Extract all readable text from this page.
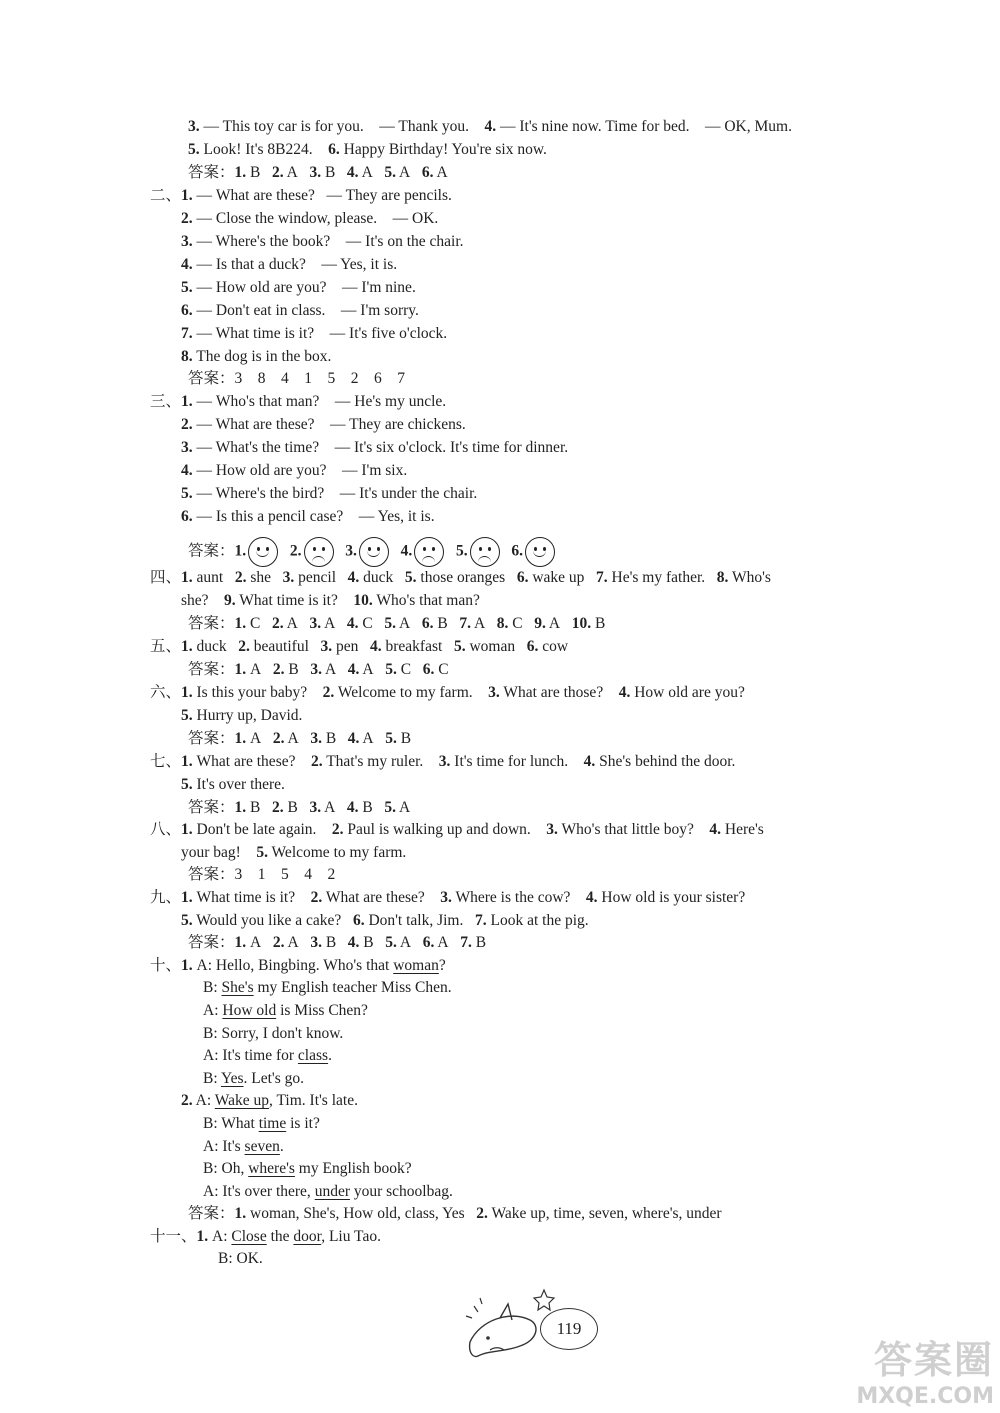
3. — This toy car is for you.    — Thank you.    4. — It's nine now. Time for bed.    — OK, Mum.
5. Look! It's 8B224.    6. Happy Birthday! You're six now.
答案：1. B   2. A   3. B   4. A   5. A   6. A
二、1. — What are these?   — They are pencils.
2. — Close the window, please.    — OK.
3. — Where's the book?    — It's on the chair.
4. — Is that a duck?    — Yes, it is.
5. — How old are you?    — I'm nine.
6. — Don't eat in class.    — I'm sorry.
7. — What time is it?    — It's five o'clock.
8. The dog is in the box.
答案：3    8    4    1    5    2    6    7
三、1. — Who's that man?    — He's my uncle.
2. — What are these?    — They are chickens.
3. — What's the time?    — It's six o'clock. It's time for dinner.
4. — How old are you?    — I'm six.
5. — Where's the bird?    — It's under the chair.
6. — Is this a pencil case?    — Yes, it is.
答案：1.	2.	3.	4.	5.	6.
四、1. aunt   2. she   3. pencil   4. duck   5. those oranges   6. wake up   7. He's my father.   8. Who's
she?    9. What time is it?    10. Who's that man?
答案：1. C   2. A   3. A   4. C   5. A   6. B   7. A   8. C   9. A   10. B
五、1. duck   2. beautiful   3. pen   4. breakfast   5. woman   6. cow
答案：1. A   2. B   3. A   4. A   5. C   6. C
六、1. Is this your baby?    2. Welcome to my farm.    3. What are those?    4. How old are you?
5. Hurry up, David.
答案：1. A   2. A   3. B   4. A   5. B
七、1. What are these?    2. That's my ruler.    3. It's time for lunch.    4. She's behind the door.
5. It's over there.
答案：1. B   2. B   3. A   4. B   5. A
八、1. Don't be late again.    2. Paul is walking up and down.    3. Who's that little boy?    4. Here's
your bag!    5. Welcome to my farm.
答案：3    1    5    4    2
九、1. What time is it?    2. What are these?    3. Where is the cow?    4. How old is your sister?
5. Would you like a cake?   6. Don't talk, Jim.   7. Look at the pig.
答案：1. A   2. A   3. B   4. B   5. A   6. A   7. B
十、1. A: Hello, Bingbing. Who's that woman?
B: She's my English teacher Miss Chen.
A: How old is Miss Chen?
B: Sorry, I don't know.
A: It's time for class.
B: Yes. Let's go.
2. A: Wake up, Tim. It's late.
B: What time is it?
A: It's seven.
B: Oh, where's my English book?
A: It's over there, under your schoolbag.
答案：1. woman, She's, How old, class, Yes   2. Wake up, time, seven, where's, under
十一、1. A: Close the door, Liu Tao.
B: OK.
119
答案圈
MXQE.COM
